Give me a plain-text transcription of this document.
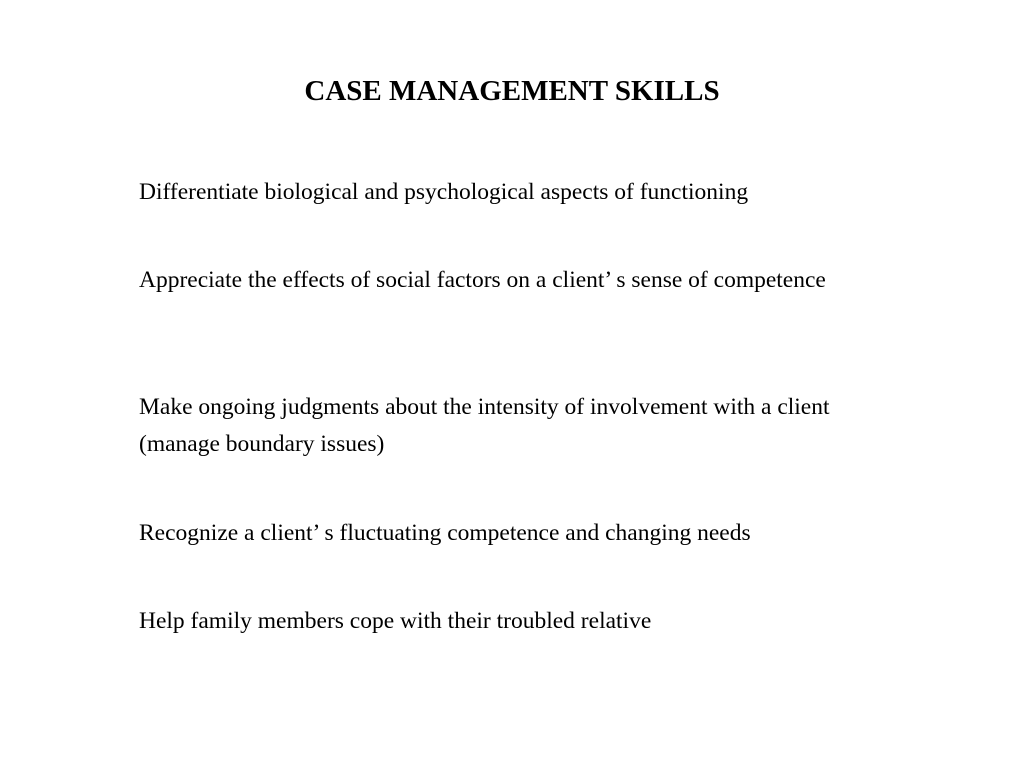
CASE MANAGEMENT SKILLS

Differentiate biological and psychological aspects of functioning

Appreciate the effects of social factors on a client’ s sense of competence

Make ongoing judgments about the intensity of involvement with a client (manage boundary issues)

Recognize a client’ s fluctuating competence and changing needs

Help family members cope with their troubled relative
